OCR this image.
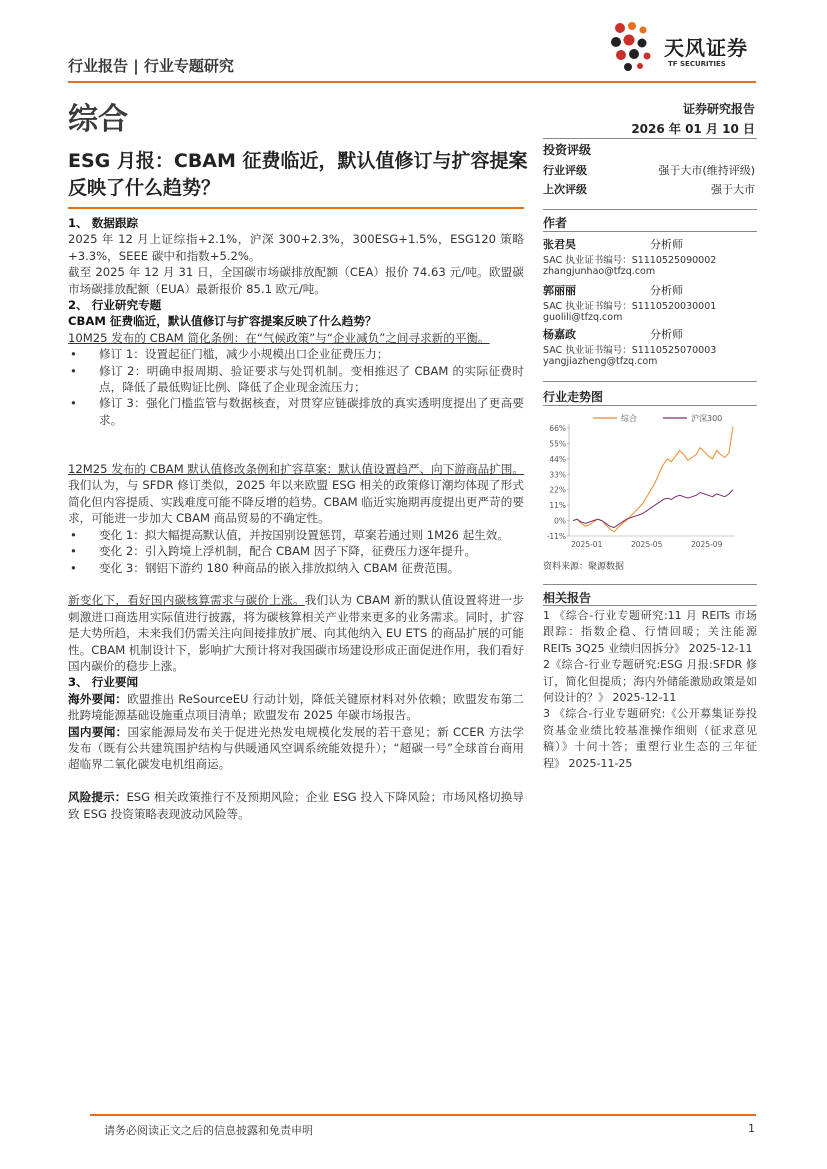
行业报告 | 行业专题研究
天风证券
TF SECURITIES
综合	证券研究报告
2026 年 01 月 10 日
ESG 月报：CBAM 征费临近，默认值修订与扩容提案反映了什么趋势？
投资评级
行业评级	强于大市(维持评级)
上次评级	强于大市
作者
张君昊	分析师
SAC 执业证书编号：S1110525090002
zhangjunhao@tfzq.com
郭丽丽	分析师
SAC 执业证书编号：S1110520030001
guolili@tfzq.com
杨嘉政	分析师
SAC 执业证书编号：S1110525070003
yangjiazheng@tfzq.com
行业走势图
综合	沪深300
66%
55%
44%
33%
22%
11%
0%
-11%
2025-01	2025-05	2025-09
资料来源：聚源数据
相关报告

1 《综合-行业专题研究:11 月 REITs 市场跟踪：指数企稳、行情回暖；关注能源 REITs 3Q25 业绩归因拆分》 2025-12-11

2《综合-行业专题研究:ESG 月报:SFDR 修订，简化但提质；海内外储能激励政策是如何设计的？》 2025-12-11

3 《综合-行业专题研究:《公开募集证券投资基金业绩比较基准操作细则（征求意见稿）》十问十答；重塑行业生态的三年征程》 2025-11-25

1、 数据跟踪

2025 年 12 月上证综指+2.1%，沪深 300+2.3%，300ESG+1.5%，ESG120 策略+3.3%，SEEE 碳中和指数+5.2%。

截至 2025 年 12 月 31 日，全国碳市场碳排放配额（CEA）报价 74.63 元/吨。欧盟碳市场碳排放配额（EUA）最新报价 85.1 欧元/吨。

2、 行业研究专题

CBAM 征费临近，默认值修订与扩容提案反映了什么趋势？

10M25 发布的 CBAM 简化条例：在“气候政策”与“企业减负”之间寻求新的平衡。

• 修订 1：设置起征门槛，减少小规模出口企业征费压力；
• 修订 2：明确申报周期、验证要求与处罚机制。变相推迟了 CBAM 的实际征费时点，降低了最低购证比例、降低了企业现金流压力；
• 修订 3：强化门槛监管与数据核查，对贯穿应链碳排放的真实透明度提出了更高要求。

12M25 发布的 CBAM 默认值修改条例和扩容草案：默认值设置趋严、向下游商品扩围。我们认为，与 SFDR 修订类似，2025 年以来欧盟 ESG 相关的政策修订潮均体现了形式简化但内容提质、实践难度可能不降反增的趋势。CBAM 临近实施期再度提出更严苛的要求，可能进一步加大 CBAM 商品贸易的不确定性。

• 变化 1：拟大幅提高默认值，并按国别设置惩罚，草案若通过则 1M26 起生效。
• 变化 2：引入跨境上浮机制，配合 CBAM 因子下降，征费压力逐年提升。
• 变化 3：钢铝下游约 180 种商品的嵌入排放拟纳入 CBAM 征费范围。

新变化下，看好国内碳核算需求与碳价上涨。我们认为 CBAM 新的默认值设置将进一步刺激进口商选用实际值进行披露，将为碳核算相关产业带来更多的业务需求。同时，扩容是大势所趋，未来我们仍需关注向间接排放扩展、向其他纳入 EU ETS 的商品扩展的可能性。CBAM 机制设计下，影响扩大预计将对我国碳市场建设形成正面促进作用，我们看好国内碳价的稳步上涨。

3、 行业要闻

海外要闻：欧盟推出 ReSourceEU 行动计划，降低关键原材料对外依赖；欧盟发布第二批跨境能源基础设施重点项目清单；欧盟发布 2025 年碳市场报告。

国内要闻：国家能源局发布关于促进光热发电规模化发展的若干意见；新 CCER 方法学发布（既有公共建筑围护结构与供暖通风空调系统能效提升）；“超碳一号”全球首台商用超临界二氧化碳发电机组商运。

风险提示：ESG 相关政策推行不及预期风险；企业 ESG 投入下降风险；市场风格切换导致 ESG 投资策略表现波动风险等。

请务必阅读正文之后的信息披露和免责申明	1
